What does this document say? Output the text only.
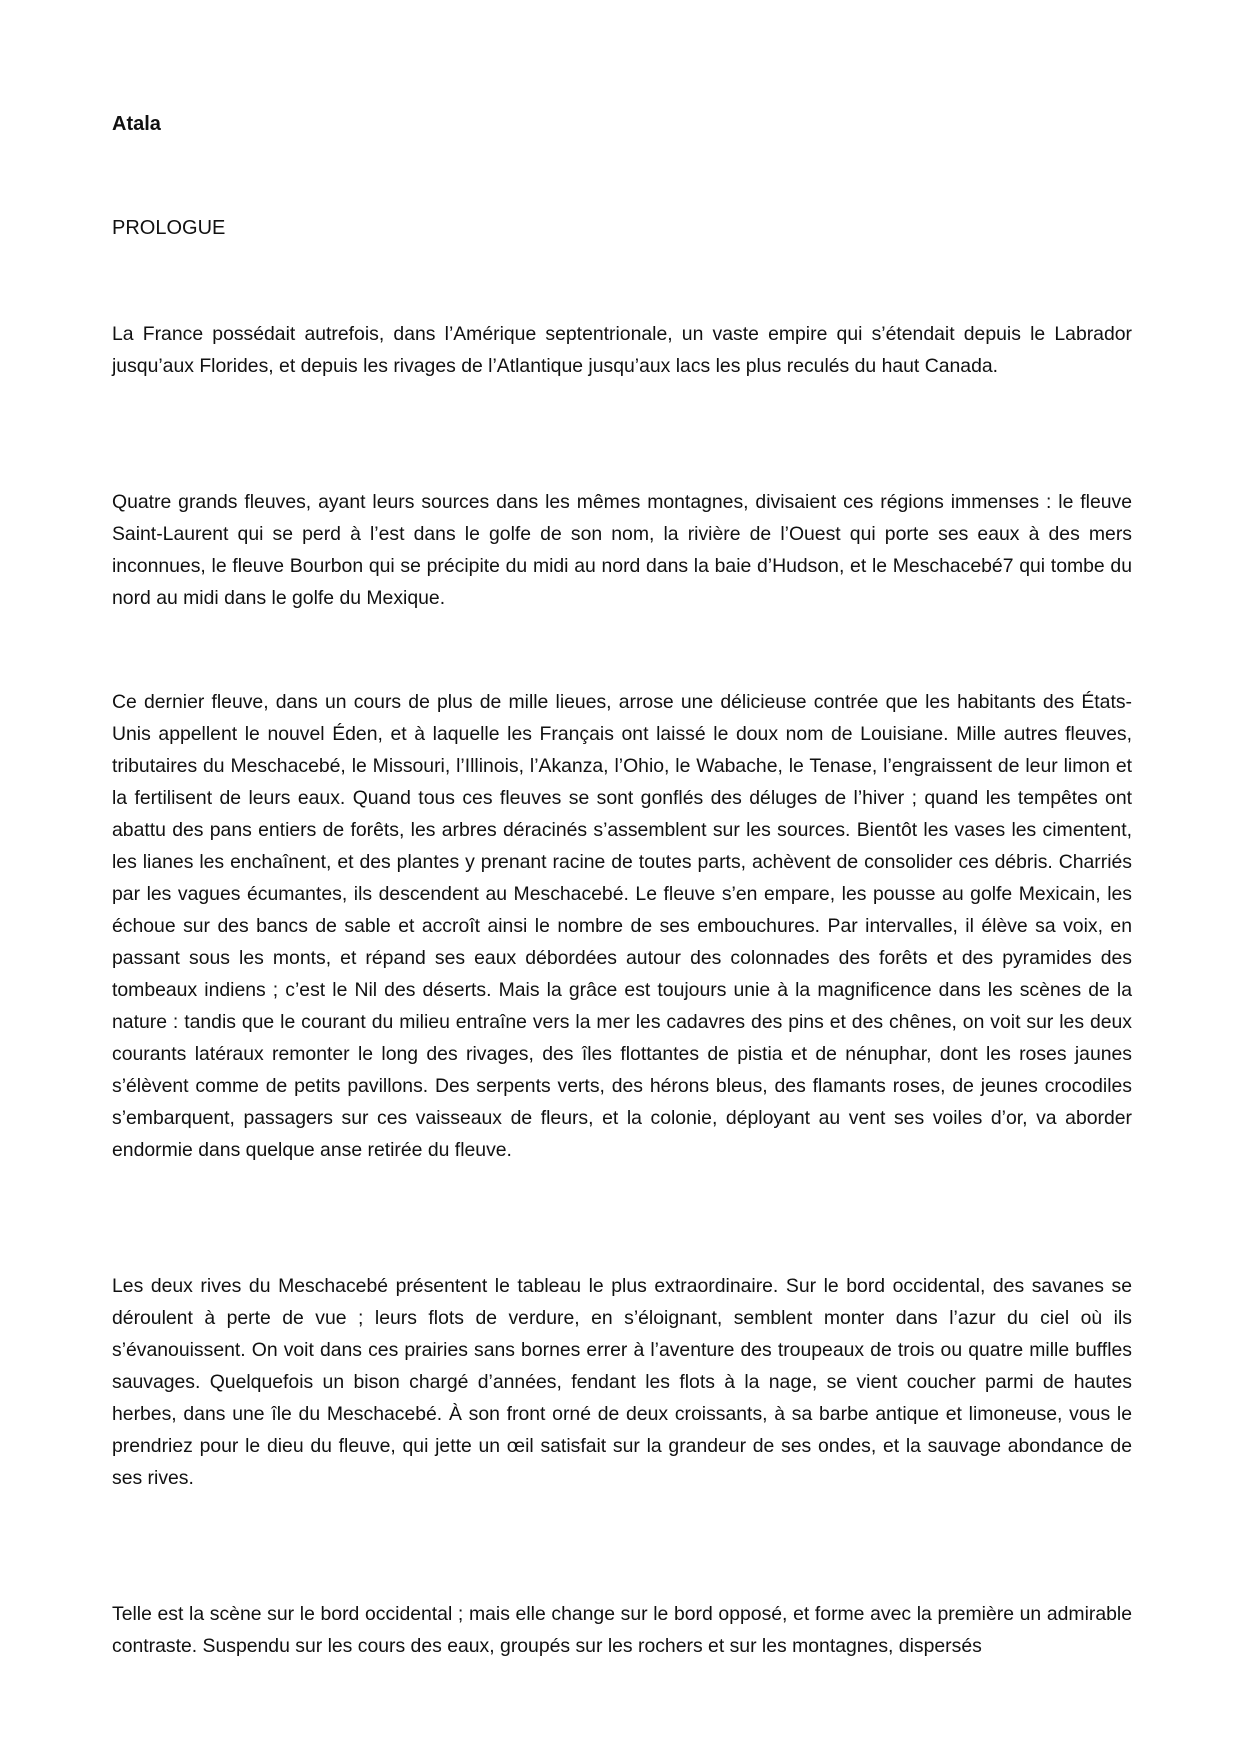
Atala

PROLOGUE

La France possédait autrefois, dans l’Amérique septentrionale, un vaste empire qui s’étendait depuis le Labrador jusqu’aux Florides, et depuis les rivages de l’Atlantique jusqu’aux lacs les plus reculés du haut Canada.

Quatre grands fleuves, ayant leurs sources dans les mêmes montagnes, divisaient ces régions immenses : le fleuve Saint-Laurent qui se perd à l’est dans le golfe de son nom, la rivière de l’Ouest qui porte ses eaux à des mers inconnues, le fleuve Bourbon qui se précipite du midi au nord dans la baie d’Hudson, et le Meschacebé7 qui tombe du nord au midi dans le golfe du Mexique.

Ce dernier fleuve, dans un cours de plus de mille lieues, arrose une délicieuse contrée que les habitants des États-Unis appellent le nouvel Éden, et à laquelle les Français ont laissé le doux nom de Louisiane. Mille autres fleuves, tributaires du Meschacebé, le Missouri, l’Illinois, l’Akanza, l’Ohio, le Wabache, le Tenase, l’engraissent de leur limon et la fertilisent de leurs eaux. Quand tous ces fleuves se sont gonflés des déluges de l’hiver ; quand les tempêtes ont abattu des pans entiers de forêts, les arbres déracinés s’assemblent sur les sources. Bientôt les vases les cimentent, les lianes les enchaînent, et des plantes y prenant racine de toutes parts, achèvent de consolider ces débris. Charriés par les vagues écumantes, ils descendent au Meschacebé. Le fleuve s’en empare, les pousse au golfe Mexicain, les échoue sur des bancs de sable et accroît ainsi le nombre de ses embouchures. Par intervalles, il élève sa voix, en passant sous les monts, et répand ses eaux débordées autour des colonnades des forêts et des pyramides des tombeaux indiens ; c’est le Nil des déserts. Mais la grâce est toujours unie à la magnificence dans les scènes de la nature : tandis que le courant du milieu entraîne vers la mer les cadavres des pins et des chênes, on voit sur les deux courants latéraux remonter le long des rivages, des îles flottantes de pistia et de nénuphar, dont les roses jaunes s’élèvent comme de petits pavillons. Des serpents verts, des hérons bleus, des flamants roses, de jeunes crocodiles s’embarquent, passagers sur ces vaisseaux de fleurs, et la colonie, déployant au vent ses voiles d’or, va aborder endormie dans quelque anse retirée du fleuve.

Les deux rives du Meschacebé présentent le tableau le plus extraordinaire. Sur le bord occidental, des savanes se déroulent à perte de vue ; leurs flots de verdure, en s’éloignant, semblent monter dans l’azur du ciel où ils s’évanouissent. On voit dans ces prairies sans bornes errer à l’aventure des troupeaux de trois ou quatre mille buffles sauvages. Quelquefois un bison chargé d’années, fendant les flots à la nage, se vient coucher parmi de hautes herbes, dans une île du Meschacebé. À son front orné de deux croissants, à sa barbe antique et limoneuse, vous le prendriez pour le dieu du fleuve, qui jette un œil satisfait sur la grandeur de ses ondes, et la sauvage abondance de ses rives.

Telle est la scène sur le bord occidental ; mais elle change sur le bord opposé, et forme avec la première un admirable contraste. Suspendu sur les cours des eaux, groupés sur les rochers et sur les montagnes, dispersés
